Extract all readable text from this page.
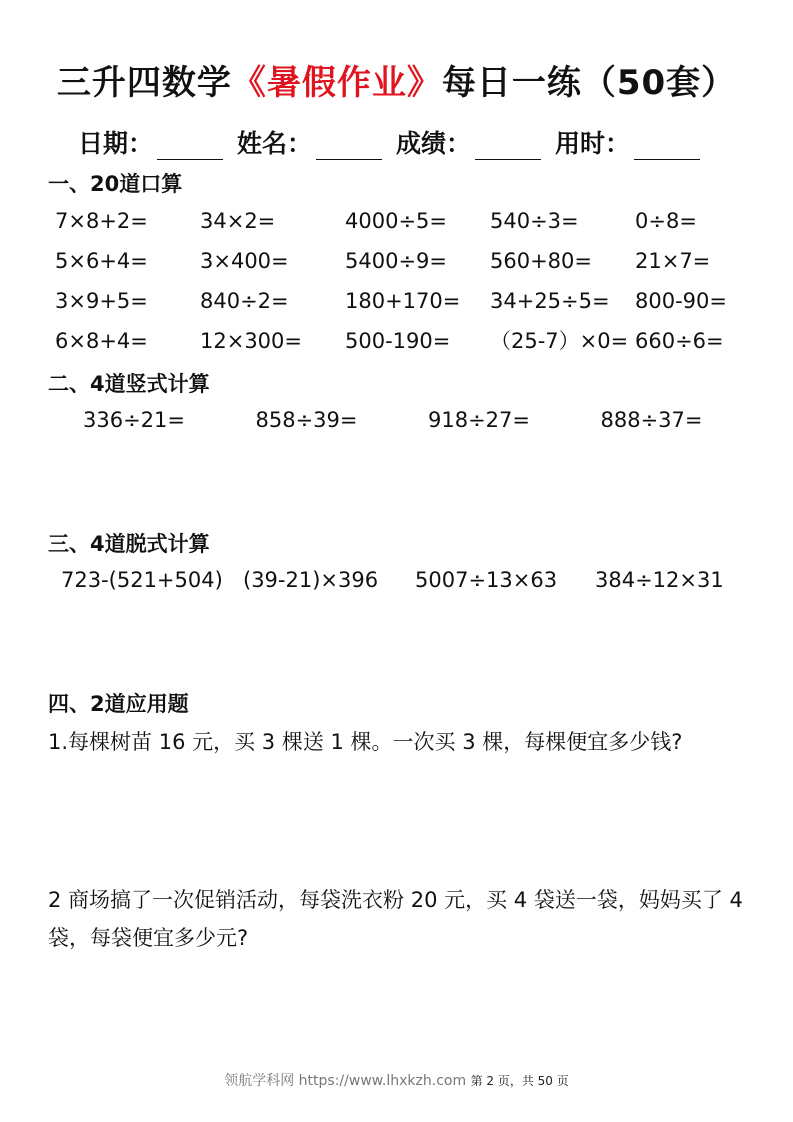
三升四数学《暑假作业》每日一练（50套）
日期：	姓名：	成绩：	用时：
一、20道口算
7×8+2=	34×2=	4000÷5=	540÷3=	0÷8=
5×6+4=	3×400=	5400÷9=	560+80=	21×7=
3×9+5=	840÷2=	180+170=	34+25÷5=	800-90=
6×8+4=	12×300=	500-190=	（25-7）×0= 660÷6=
二、4道竖式计算
336÷21=	858÷39=	918÷27=	888÷37=
三、4道脱式计算
723-(521+504) (39-21)×396	5007÷13×63	384÷12×31
四、2道应用题
1.每棵树苗 16 元，买 3 棵送 1 棵。一次买 3 棵，每棵便宜多少钱?
2 商场搞了一次促销活动，每袋洗衣粉 20 元，买 4 袋送一袋，妈妈买了 4 袋，每袋便宜多少元?
领航学科网 https://www.lhxkzh.com 第 2 页，共 50 页
